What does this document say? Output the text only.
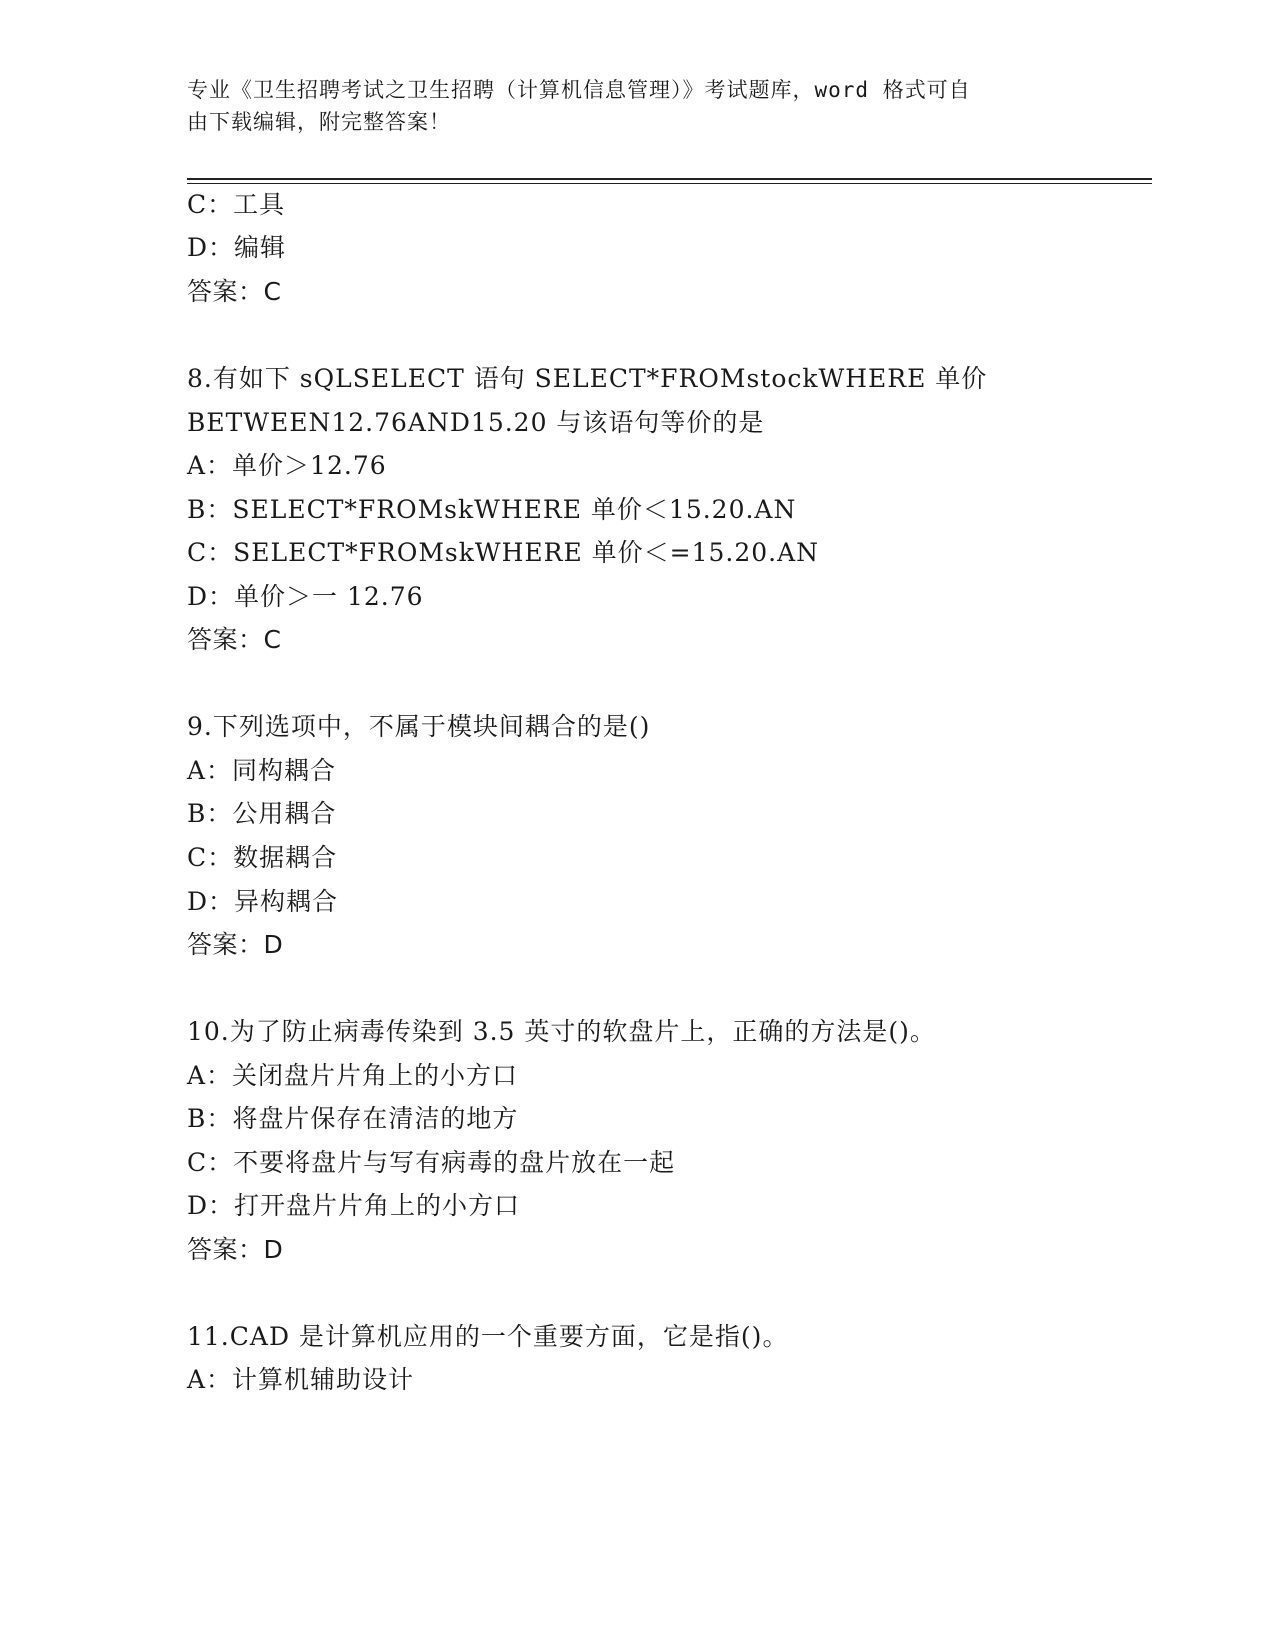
专业《卫生招聘考试之卫生招聘（计算机信息管理）》考试题库，word 格式可自
由下载编辑，附完整答案！
C：工具
D：编辑
答案：C
8.有如下 sQLSELECT 语句 SELECT*FROMstockWHERE 单价
BETWEEN12.76AND15.20 与该语句等价的是
A：单价＞12.76
B：SELECT*FROMskWHERE 单价＜15.20.AN
C：SELECT*FROMskWHERE 单价＜=15.20.AN
D：单价＞一 12.76
答案：C
9.下列选项中，不属于模块间耦合的是()
A：同构耦合
B：公用耦合
C：数据耦合
D：异构耦合
答案：D
10.为了防止病毒传染到 3.5 英寸的软盘片上，正确的方法是()。
A：关闭盘片片角上的小方口
B：将盘片保存在清洁的地方
C：不要将盘片与写有病毒的盘片放在一起
D：打开盘片片角上的小方口
答案：D
11.CAD 是计算机应用的一个重要方面，它是指()。
A：计算机辅助设计
